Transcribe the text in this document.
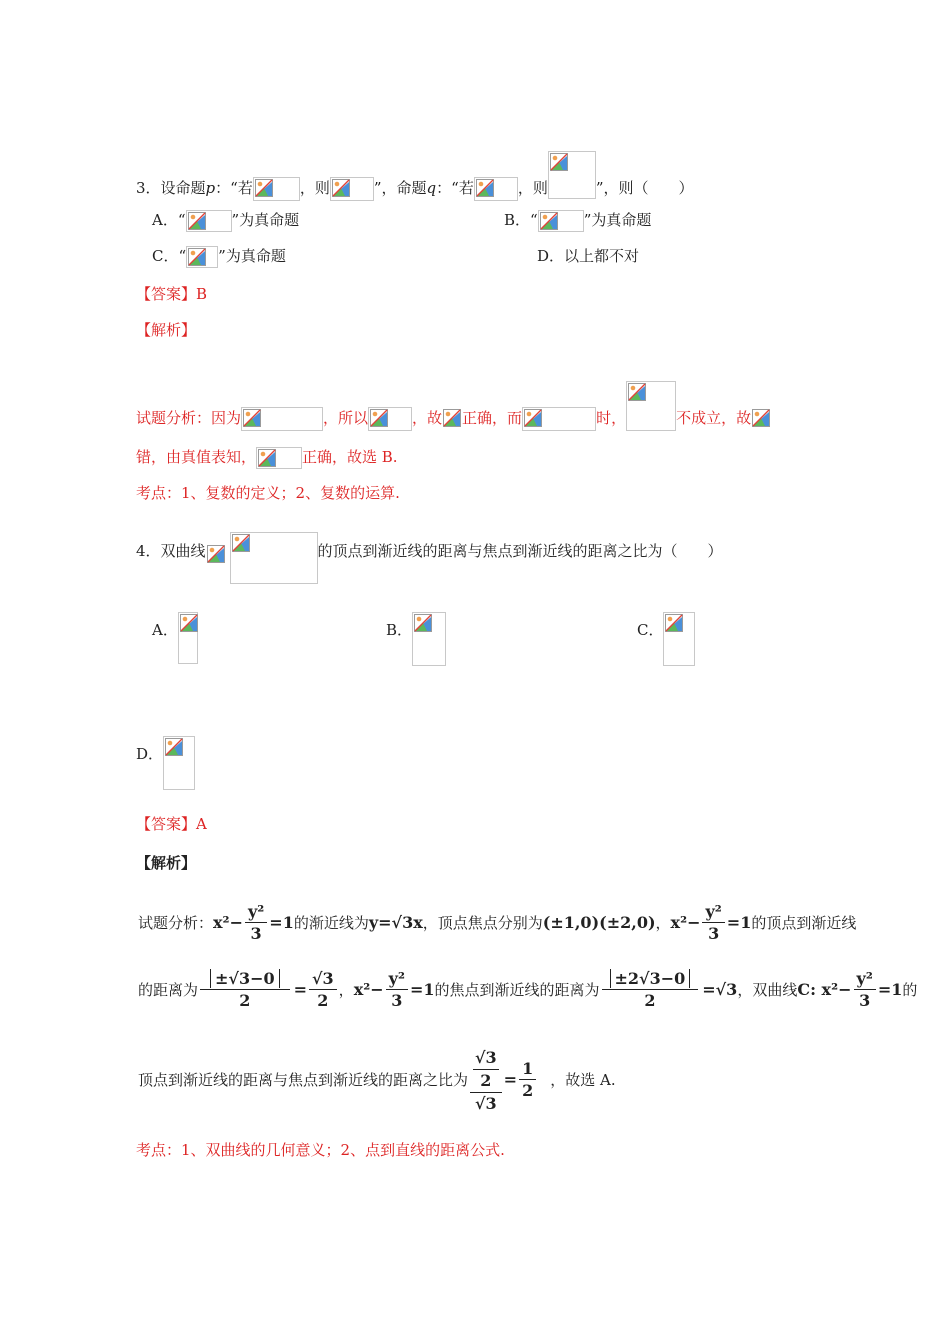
3．设命题p：“若	，则	”，命题q：“若	，则	”，则（　　）
A．“	”为真命题	B．“	”为真命题
C．“ ”为真命题	D．以上都不对
【答案】B
【解析】
试题分析：因为	，所以	，故 正确，而	时，	不成立，故
错，由真值表知，	正确，故选 B.
考点：1、复数的定义；2、复数的运算.
4．双曲线	的顶点到渐近线的距离与焦点到渐近线的距离之比为（　　）
A．	B．	C．
D．
【答案】A
【解析】
试题分析：$x^2- \frac{\text{y²}}{3} =1$的渐近线为y=√3x，顶点焦点分别为(±1,0)(±2,0)，$x^2- \frac{\text{y²}}{3} =1$的顶点到渐近线
的距离为 $\frac{\pm√3-0}{2} = \frac{√3}{2}$ ，$x^2- \frac{\text{y²}}{3} =1$的焦点到渐近线的距离为 $\frac{\pm 2√3-0}{2} =√3$，双曲线C: $x^2- \frac{\text{y²}}{3} =1$的
顶点到渐近线的距离与焦点到渐近线的距离之比为 √3
2
$√3 = \frac{1}{2}$ ，故选 A.
考点：1、双曲线的几何意义；2、点到直线的距离公式.
